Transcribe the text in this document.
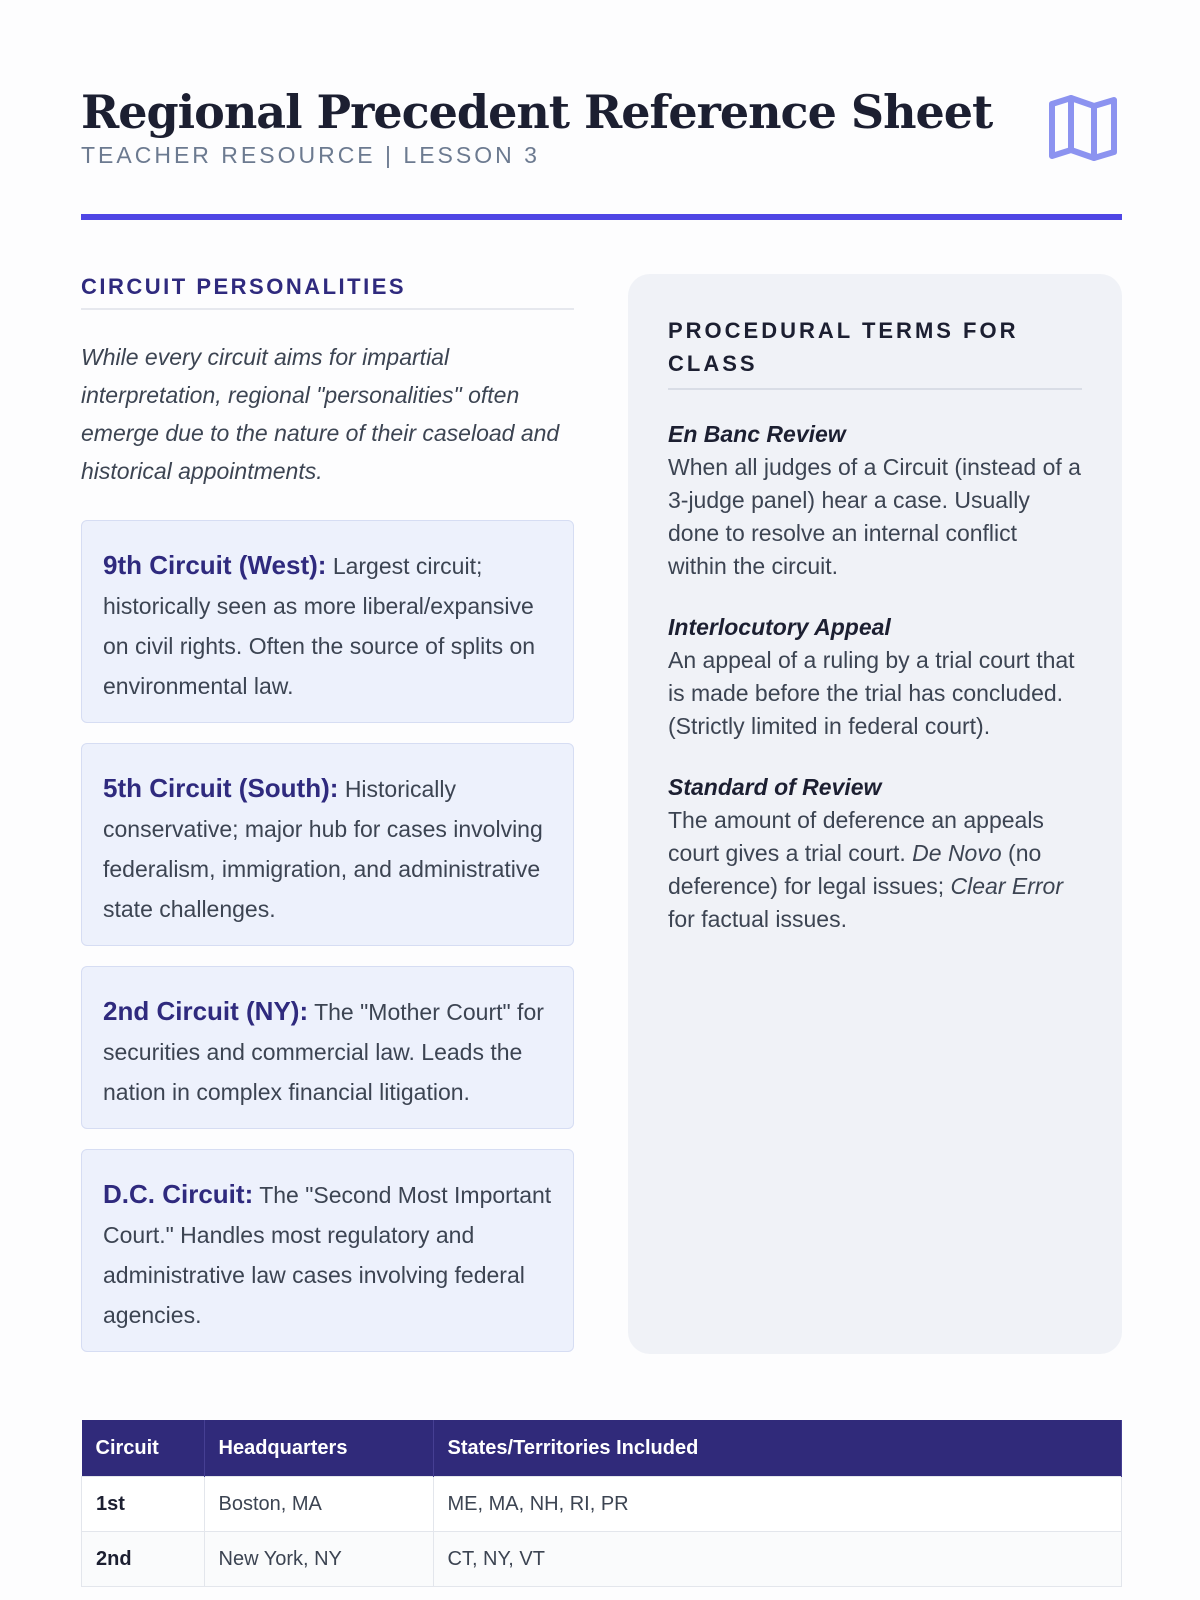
Regional Precedent Reference Sheet
TEACHER RESOURCE | LESSON 3
CIRCUIT PERSONALITIES
While every circuit aims for impartial interpretation, regional "personalities" often emerge due to the nature of their caseload and historical appointments.
9th Circuit (West): Largest circuit; historically seen as more liberal/expansive on civil rights. Often the source of splits on environmental law.
5th Circuit (South): Historically conservative; major hub for cases involving federalism, immigration, and administrative state challenges.
2nd Circuit (NY): The "Mother Court" for securities and commercial law. Leads the nation in complex financial litigation.
D.C. Circuit: The "Second Most Important Court." Handles most regulatory and administrative law cases involving federal agencies.
PROCEDURAL TERMS FOR CLASS
En Banc Review
When all judges of a Circuit (instead of a 3-judge panel) hear a case. Usually done to resolve an internal conflict within the circuit.
Interlocutory Appeal
An appeal of a ruling by a trial court that is made before the trial has concluded. (Strictly limited in federal court).
Standard of Review
The amount of deference an appeals court gives a trial court. De Novo (no deference) for legal issues; Clear Error for factual issues.
Circuit	Headquarters	States/Territories Included
1st	Boston, MA	ME, MA, NH, RI, PR
2nd	New York, NY	CT, NY, VT
